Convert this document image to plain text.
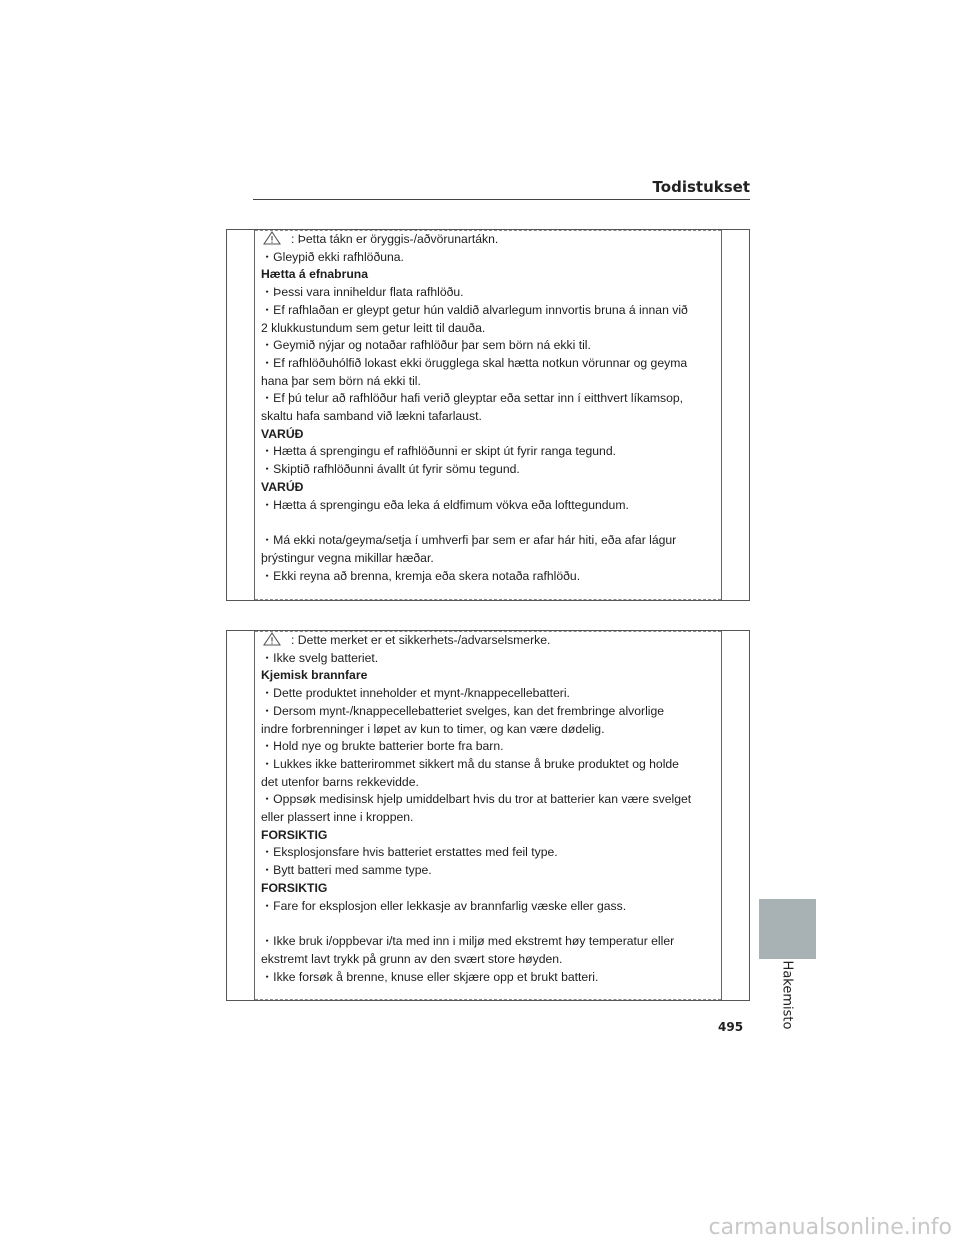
Todistukset
: Þetta tákn er öryggis-/aðvörunartákn.
・Gleypið ekki rafhlöðuna.
Hætta á efnabruna
・Þessi vara inniheldur flata rafhlöðu.
・Ef rafhlaðan er gleypt getur hún valdið alvarlegum innvortis bruna á innan við
2 klukkustundum sem getur leitt til dauða.
・Geymið nýjar og notaðar rafhlöður þar sem börn ná ekki til.
・Ef rafhlöðuhólfið lokast ekki örugglega skal hætta notkun vörunnar og geyma
hana þar sem börn ná ekki til.
・Ef þú telur að rafhlöður hafi verið gleyptar eða settar inn í eitthvert líkamsop,
skaltu hafa samband við lækni tafarlaust.
VARÚÐ
・Hætta á sprengingu ef rafhlöðunni er skipt út fyrir ranga tegund.
・Skiptið rafhlöðunni ávallt út fyrir sömu tegund.
VARÚÐ
・Hætta á sprengingu eða leka á eldfimum vökva eða lofttegundum.
・Má ekki nota/geyma/setja í umhverfi þar sem er afar hár hiti, eða afar lágur
þrýstingur vegna mikillar hæðar.
・Ekki reyna að brenna, kremja eða skera notaða rafhlöðu.
: Dette merket er et sikkerhets-/advarselsmerke.
・Ikke svelg batteriet.
Kjemisk brannfare
・Dette produktet inneholder et mynt-/knappecellebatteri.
・Dersom mynt-/knappecellebatteriet svelges, kan det frembringe alvorlige
indre forbrenninger i løpet av kun to timer, og kan være dødelig.
・Hold nye og brukte batterier borte fra barn.
・Lukkes ikke batterirommet sikkert må du stanse å bruke produktet og holde
det utenfor barns rekkevidde.
・Oppsøk medisinsk hjelp umiddelbart hvis du tror at batterier kan være svelget
eller plassert inne i kroppen.
FORSIKTIG
・Eksplosjonsfare hvis batteriet erstattes med feil type.
・Bytt batteri med samme type.
FORSIKTIG
・Fare for eksplosjon eller lekkasje av brannfarlig væske eller gass.
・Ikke bruk i/oppbevar i/ta med inn i miljø med ekstremt høy temperatur eller
ekstremt lavt trykk på grunn av den svært store høyden.
・Ikke forsøk å brenne, knuse eller skjære opp et brukt batteri.	Hakemisto
495
carmanualsonline.info
